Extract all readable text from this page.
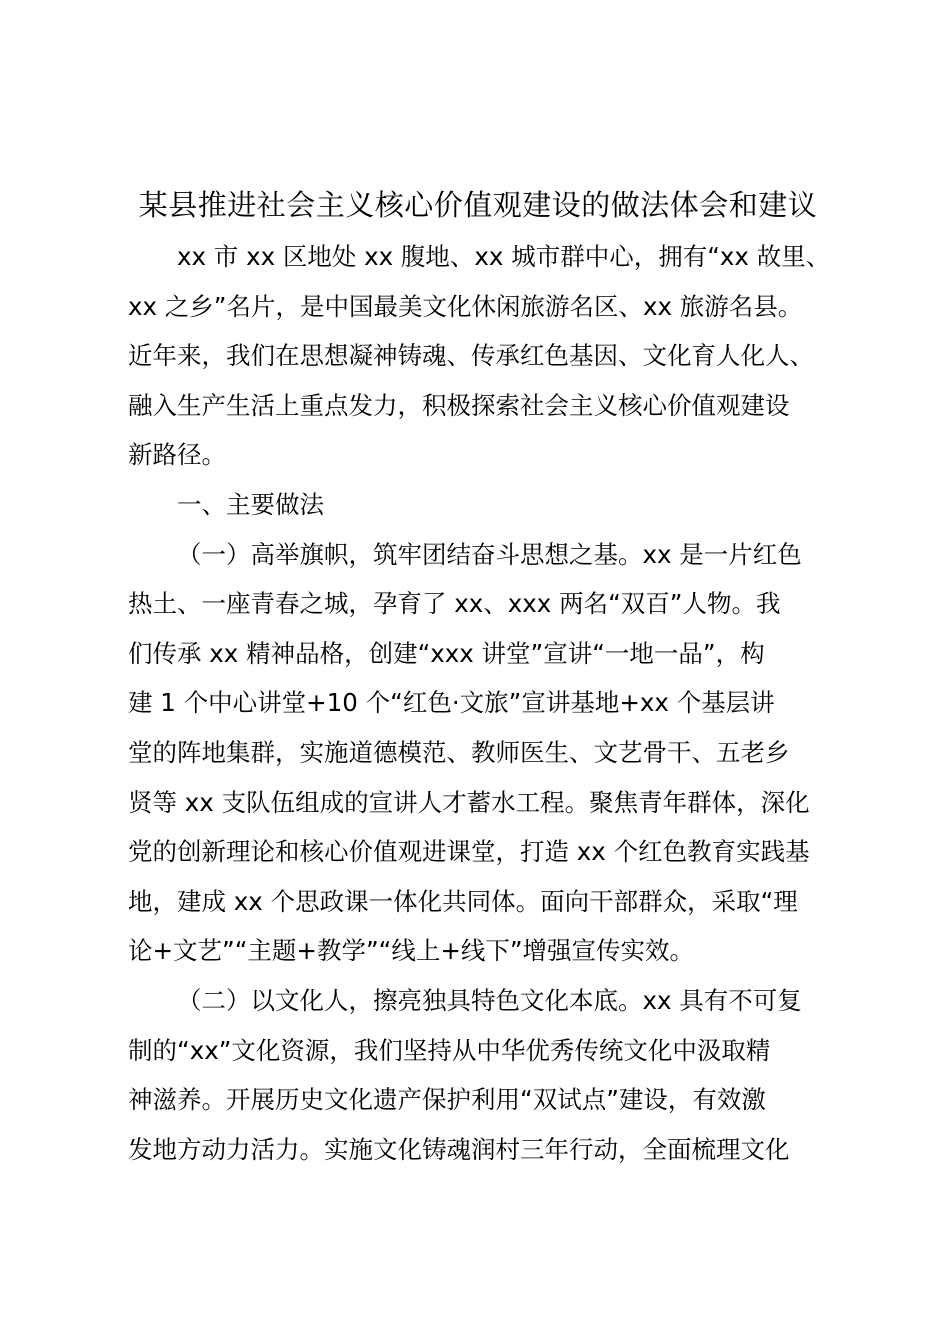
某县推进社会主义核心价值观建设的做法体会和建议
xx 市 xx 区地处 xx 腹地、xx 城市群中心，拥有“xx 故里、
xx 之乡”名片，是中国最美文化休闲旅游名区、xx 旅游名县。
近年来，我们在思想凝神铸魂、传承红色基因、文化育人化人、
融入生产生活上重点发力，积极探索社会主义核心价值观建设
新路径。
一、主要做法
（一）高举旗帜，筑牢团结奋斗思想之基。xx 是一片红色
热土、一座青春之城，孕育了 xx、xxx 两名“双百”人物。我
们传承 xx 精神品格，创建“xxx 讲堂”宣讲“一地一品”，构
建 1 个中心讲堂+10 个“红色·文旅”宣讲基地+xx 个基层讲
堂的阵地集群，实施道德模范、教师医生、文艺骨干、五老乡
贤等 xx 支队伍组成的宣讲人才蓄水工程。聚焦青年群体，深化
党的创新理论和核心价值观进课堂，打造 xx 个红色教育实践基
地，建成 xx 个思政课一体化共同体。面向干部群众，采取“理
论+文艺”“主题+教学”“线上+线下”增强宣传实效。
（二）以文化人，擦亮独具特色文化本底。xx 具有不可复
制的“xx”文化资源，我们坚持从中华优秀传统文化中汲取精
神滋养。开展历史文化遗产保护利用“双试点”建设，有效激
发地方动力活力。实施文化铸魂润村三年行动，全面梳理文化
